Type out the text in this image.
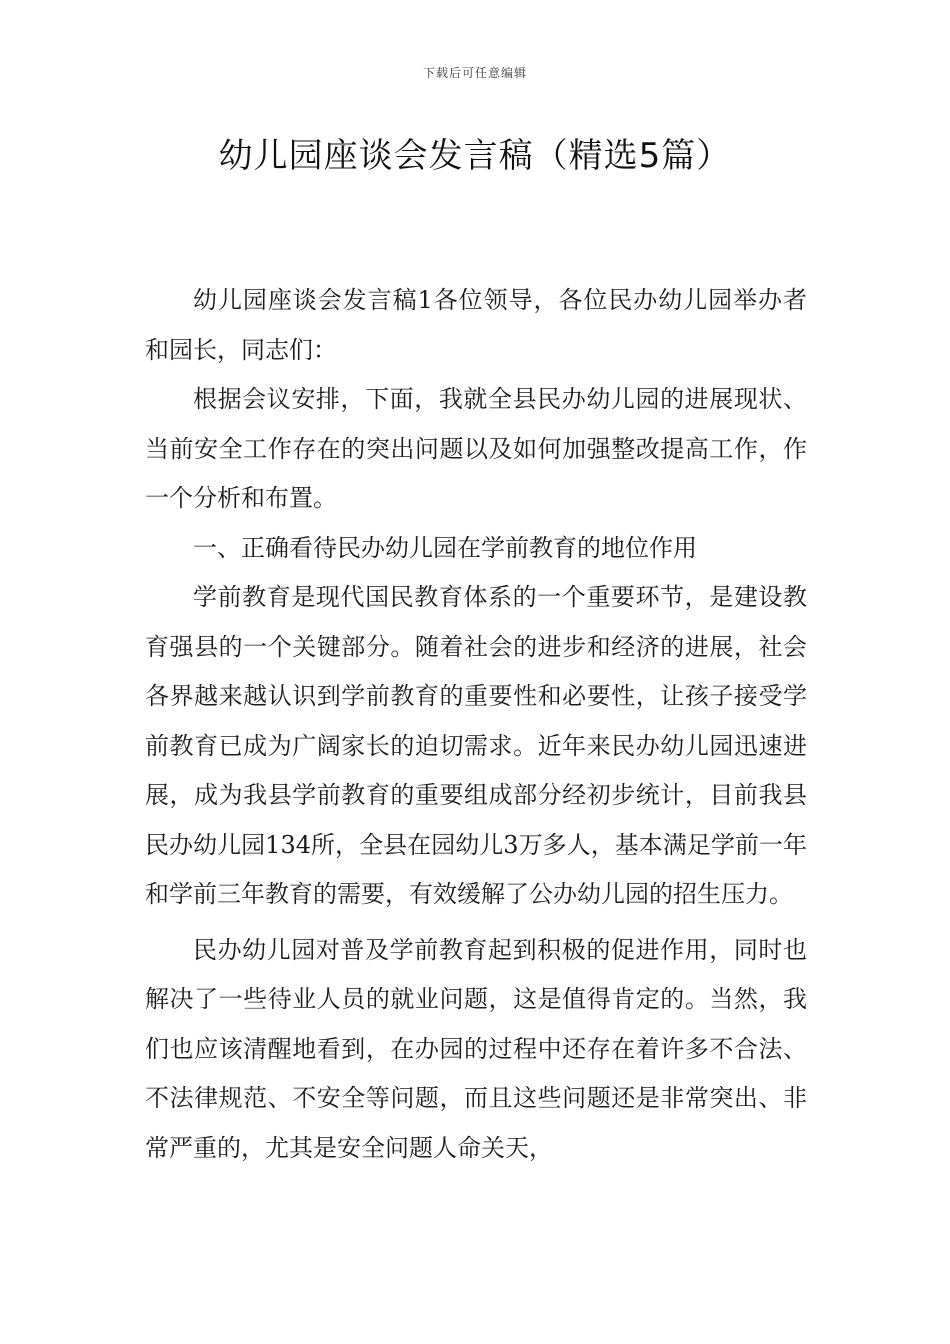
下载后可任意编辑
幼儿园座谈会发言稿（精选5篇）

幼儿园座谈会发言稿1各位领导，各位民办幼儿园举办者和园长，同志们：

根据会议安排，下面，我就全县民办幼儿园的进展现状、当前安全工作存在的突出问题以及如何加强整改提高工作，作一个分析和布置。

一、正确看待民办幼儿园在学前教育的地位作用

学前教育是现代国民教育体系的一个重要环节，是建设教育强县的一个关键部分。随着社会的进步和经济的进展，社会各界越来越认识到学前教育的重要性和必要性，让孩子接受学前教育已成为广阔家长的迫切需求。近年来民办幼儿园迅速进展，成为我县学前教育的重要组成部分经初步统计，目前我县民办幼儿园134所，全县在园幼儿3万多人，基本满足学前一年和学前三年教育的需要，有效缓解了公办幼儿园的招生压力。

民办幼儿园对普及学前教育起到积极的促进作用，同时也解决了一些待业人员的就业问题，这是值得肯定的。当然，我们也应该清醒地看到，在办园的过程中还存在着许多不合法、不法律规范、不安全等问题，而且这些问题还是非常突出、非常严重的，尤其是安全问题人命关天，
